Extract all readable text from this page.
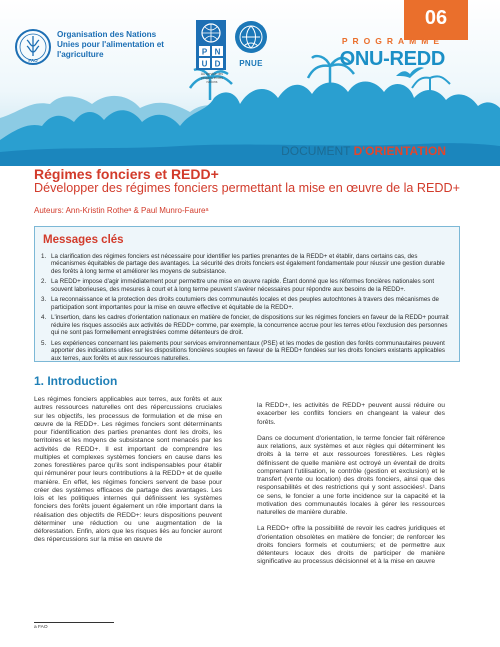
FAO
Organisation des Nations Unies pour l'alimentation et l'agriculture	P N
U D
Au service des peuples et des nations
PNUE
06
PROGRAMME
ONU-REDD
DOCUMENT D'ORIENTATION
Régimes fonciers et REDD+
Développer des régimes fonciers permettant la mise en œuvre de la REDD+
Auteurs: Ann-Kristin Rotheᵃ & Paul Munro-Faureᵃ
Messages clés
1. La clarification des régimes fonciers est nécessaire pour identifier les parties prenantes de la REDD+ et établir, dans certains cas, des mécanismes équitables de partage des avantages. La sécurité des droits fonciers est également fondamentale pour réussir une gestion durable des forêts à long terme et améliorer les moyens de subsistance.
2. La REDD+ impose d'agir immédiatement pour permettre une mise en œuvre rapide. Étant donné que les réformes foncières nationales sont souvent laborieuses, des mesures à court et à long terme peuvent s'avérer nécessaires pour répondre aux besoins de la REDD+.
3. La reconnaissance et la protection des droits coutumiers des communautés locales et des peuples autochtones à travers des mécanismes de participation sont importantes pour la mise en œuvre effective et équitable de la REDD+.
4. L'insertion, dans les cadres d'orientation nationaux en matière de foncier, de dispositions sur les régimes fonciers en faveur de la REDD+ pourrait réduire les risques associés aux activités de REDD+ comme, par exemple, la concurrence accrue pour les terres et/ou l'exclusion des personnes qui ne sont pas formellement enregistrées comme détenteurs de droit.
5. Les expériences concernant les paiements pour services environnementaux (PSE) et les modes de gestion des forêts communautaires peuvent apporter des indications utiles sur les dispositions foncières souples en faveur de la REDD+ fondées sur les droits fonciers existants applicables aux terres, aux forêts et aux ressources naturelles.
1. Introduction

Les régimes fonciers applicables aux terres, aux forêts et aux autres ressources naturelles ont des répercussions cruciales sur les objectifs, les processus de formulation et de mise en œuvre de la REDD+. Les régimes fonciers sont déterminants pour l'identification des parties prenantes dont les droits, les territoires et les moyens de subsistance sont menacés par les activités de REDD+. Il est important de comprendre les multiples et complexes systèmes fonciers en cause dans les zones forestières parce qu'ils sont indispensables pour établir qui rémunérer pour leurs contributions à la REDD+ et de quelle manière. En effet, les régimes fonciers servent de base pour créer des systèmes efficaces de partage des avantages. Les lois et les politiques internes qui définissent les systèmes fonciers des forêts jouent également un rôle important dans la réalisation des objectifs de REDD+: leurs dispositions peuvent déterminer une réduction ou une augmentation de la déforestation. Enfin, alors que les risques liés au foncier auront des répercussions sur la mise en œuvre de

la REDD+, les activités de REDD+ peuvent aussi réduire ou exacerber les conflits fonciers en changeant la valeur des forêts.

Dans ce document d'orientation, le terme foncier fait référence aux relations, aux systèmes et aux règles qui déterminent les droits à la terre et aux ressources forestières. Les règles définissent de quelle manière est octroyé un éventail de droits comprenant l'utilisation, le contrôle (gestion et exclusion) et le transfert (vente ou location) des droits fonciers, ainsi que des responsabilités et des restrictions qui y sont associées¹. Dans ce sens, le foncier a une forte incidence sur la capacité et la motivation des communautés locales à gérer les ressources naturelles de manière durable.

La REDD+ offre la possibilité de revoir les cadres juridiques et d'orientation obsolètes en matière de foncier; de renforcer les droits fonciers formels et coutumiers; et de permettre aux détenteurs locaux des droits de participer de manière significative au processus décisionnel et à la mise en œuvre

a FAO
